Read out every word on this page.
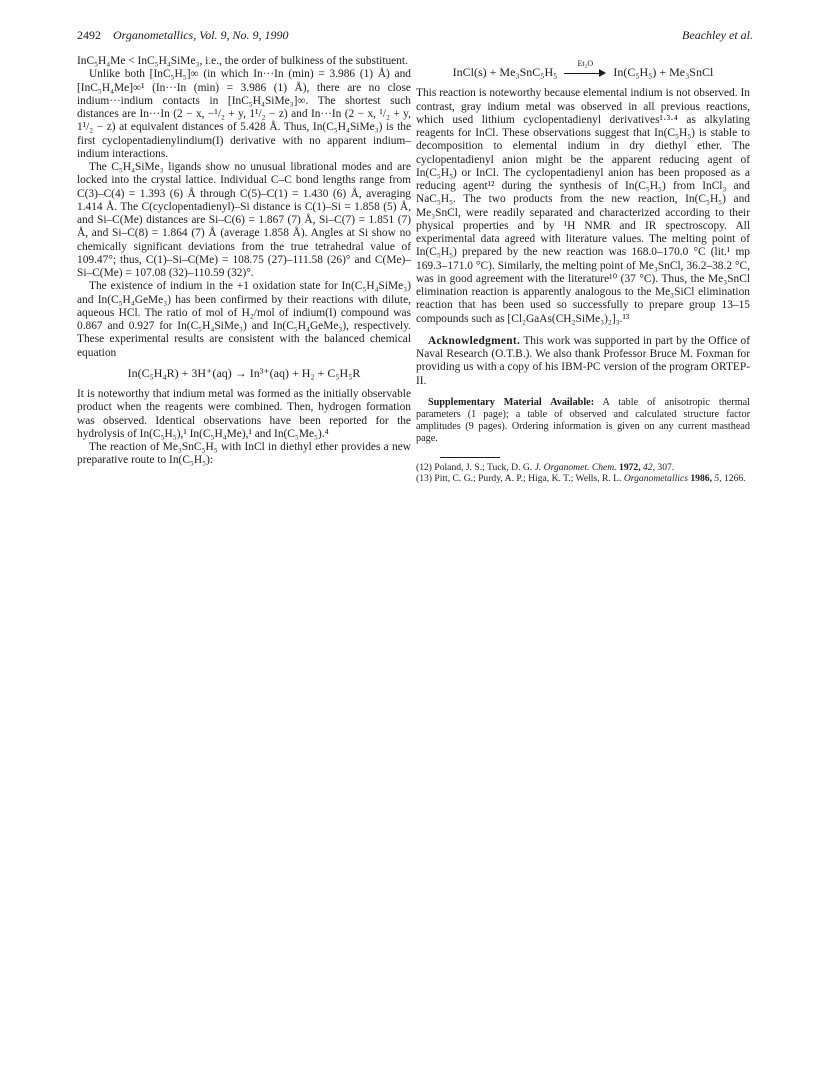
2492 Organometallics, Vol. 9, No. 9, 1990	Beachley et al.

InC₅H₄Me < InC₅H₄SiMe₃, i.e., the order of bulkiness of the substituent.

Unlike both [InC₅H₅]∞ (in which In···In (min) = 3.986 (1) Å) and [InC₅H₄Me]∞¹ (In···In (min) = 3.986 (1) Å), there are no close indium···indium contacts in [InC₅H₄SiMe₃]∞. The shortest such distances are In···In (2 − x, −¹/₂ + y, 1¹/₂ − z) and In···In (2 − x, ¹/₂ + y, 1¹/₂ − z) at equivalent distances of 5.428 Å. Thus, In(C₅H₄SiMe₃) is the first cyclopentadienylindium(I) derivative with no apparent indium–indium interactions.

The C₅H₄SiMe₃ ligands show no unusual librational modes and are locked into the crystal lattice. Individual C–C bond lengths range from C(3)–C(4) = 1.393 (6) Å through C(5)–C(1) = 1.430 (6) Å, averaging 1.414 Å. The C(cyclopentadienyl)–Si distance is C(1)–Si = 1.858 (5) Å, and Si–C(Me) distances are Si–C(6) = 1.867 (7) Å, Si–C(7) = 1.851 (7) Å, and Si–C(8) = 1.864 (7) Å (average 1.858 Å). Angles at Si show no chemically significant deviations from the true tetrahedral value of 109.47°; thus, C(1)–Si–C(Me) = 108.75 (27)–111.58 (26)° and C(Me)–Si–C(Me) = 107.08 (32)–110.59 (32)°.

The existence of indium in the +1 oxidation state for In(C₅H₄SiMe₃) and In(C₅H₄GeMe₃) has been confirmed by their reactions with dilute, aqueous HCl. The ratio of mol of H₂/mol of indium(I) compound was 0.867 and 0.927 for In(C₅H₄SiMe₃) and In(C₅H₄GeMe₃), respectively. These experimental results are consistent with the balanced chemical equation

In(C₅H₄R) + 3H⁺(aq) → In³⁺(aq) + H₂ + C₅H₅R

It is noteworthy that indium metal was formed as the initially observable product when the reagents were combined. Then, hydrogen formation was observed. Identical observations have been reported for the hydrolysis of In(C₅H₅),¹ In(C₅H₄Me),¹ and In(C₅Me₅).⁴

The reaction of Me₃SnC₅H₅ with InCl in diethyl ether provides a new preparative route to In(C₅H₅):

InCl(s) + Me₃SnC₅H₅
Et₂O
In(C₅H₅) + Me₃SnCl

This reaction is noteworthy because elemental indium is not observed. In contrast, gray indium metal was observed in all previous reactions, which used lithium cyclopentadienyl derivatives¹·³·⁴ as alkylating reagents for InCl. These observations suggest that In(C₅H₅) is stable to decomposition to elemental indium in dry diethyl ether. The cyclopentadienyl anion might be the apparent reducing agent of In(C₅H₅) or InCl. The cyclopentadienyl anion has been proposed as a reducing agent¹² during the synthesis of In(C₅H₅) from InCl₃ and NaC₅H₅. The two products from the new reaction, In(C₅H₅) and Me₃SnCl, were readily separated and characterized according to their physical properties and by ¹H NMR and IR spectroscopy. All experimental data agreed with literature values. The melting point of In(C₅H₅) prepared by the new reaction was 168.0–170.0 °C (lit.¹ mp 169.3–171.0 °C). Similarly, the melting point of Me₃SnCl, 36.2–38.2 °C, was in good agreement with the literature¹⁰ (37 °C). Thus, the Me₃SnCl elimination reaction is apparently analogous to the Me₃SiCl elimination reaction that has been used so successfully to prepare group 13–15 compounds such as [Cl₂GaAs(CH₂SiMe₃)₂]₃.¹³

Acknowledgment. This work was supported in part by the Office of Naval Research (O.T.B.). We also thank Professor Bruce M. Foxman for providing us with a copy of his IBM-PC version of the program ORTEP-II.

Supplementary Material Available: A table of anisotropic thermal parameters (1 page); a table of observed and calculated structure factor amplitudes (9 pages). Ordering information is given on any current masthead page.

(12) Poland, J. S.; Tuck, D. G. J. Organomet. Chem. 1972, 42, 307.

(13) Pitt, C. G.; Purdy, A. P.; Higa, K. T.; Wells, R. L. Organometallics 1986, 5, 1266.
